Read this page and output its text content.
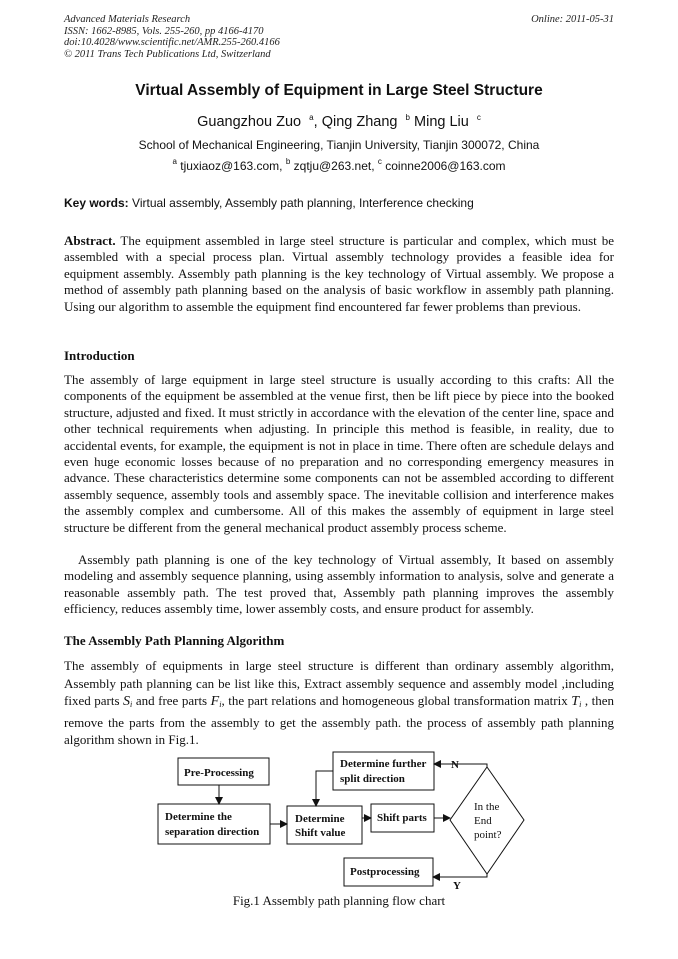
Advanced Materials Research
ISSN: 1662-8985, Vols. 255-260, pp 4166-4170
doi:10.4028/www.scientific.net/AMR.255-260.4166
© 2011 Trans Tech Publications Ltd, Switzerland
Online: 2011-05-31
Virtual Assembly of Equipment in Large Steel Structure
Guangzhou Zuo $^a$, Qing Zhang $^b$ Ming Liu $^c$
School of Mechanical Engineering, Tianjin University, Tianjin 300072, China
$^a$ tjuxiaoz@163.com, $^b$ zqtju@263.net, $^c$ coinne2006@163.com
Key words: Virtual assembly, Assembly path planning, Interference checking
Abstract. The equipment assembled in large steel structure is particular and complex, which must be assembled with a special process plan. Virtual assembly technology provides a feasible idea for equipment assembly. Assembly path planning is the key technology of Virtual assembly. We propose a method of assembly path planning based on the analysis of basic workflow in assembly path planning. Using our algorithm to assemble the equipment find encountered far fewer problems than previous.
Introduction
The assembly of large equipment in large steel structure is usually according to this crafts: All the components of the equipment be assembled at the venue first, then be lift piece by piece into the booked structure, adjusted and fixed. It must strictly in accordance with the elevation of the center line, space and other technical requirements when adjusting. In principle this method is feasible, in reality, due to accidental events, for example, the equipment is not in place in time. There often are schedule delays and even huge economic losses because of no preparation and no corresponding emergency measures in advance. These characteristics determine some components can not be assembled according to different assembly sequence, assembly tools and assembly space. The inevitable collision and interference makes the assembly complex and cumbersome. All of this makes the assembly of equipment in large steel structure be different from the general mechanical product assembly process scheme.
Assembly path planning is one of the key technology of Virtual assembly, It based on assembly modeling and assembly sequence planning, using assembly information to analysis, solve and generate a reasonable assembly path. The test proved that, Assembly path planning improves the assembly efficiency, reduces assembly time, lower assembly costs, and ensure product for assembly.
The Assembly Path Planning Algorithm
The assembly of equipments in large steel structure is different than ordinary assembly algorithm, Assembly path planning can be list like this, Extract assembly sequence and assembly model ,including fixed parts $S_i$ and free parts $F_i$, the part relations and homogeneous global transformation matrix $T_i$ , then remove the parts from the assembly to get the assembly path. the process of assembly path planning algorithm shown in Fig.1.
Pre-Processing
Determine the
separation direction
Determine
Shift value
Shift parts
Determine further
split direction
In the
End
point?
Postprocessing
N
Y
Fig.1 Assembly path planning flow chart
